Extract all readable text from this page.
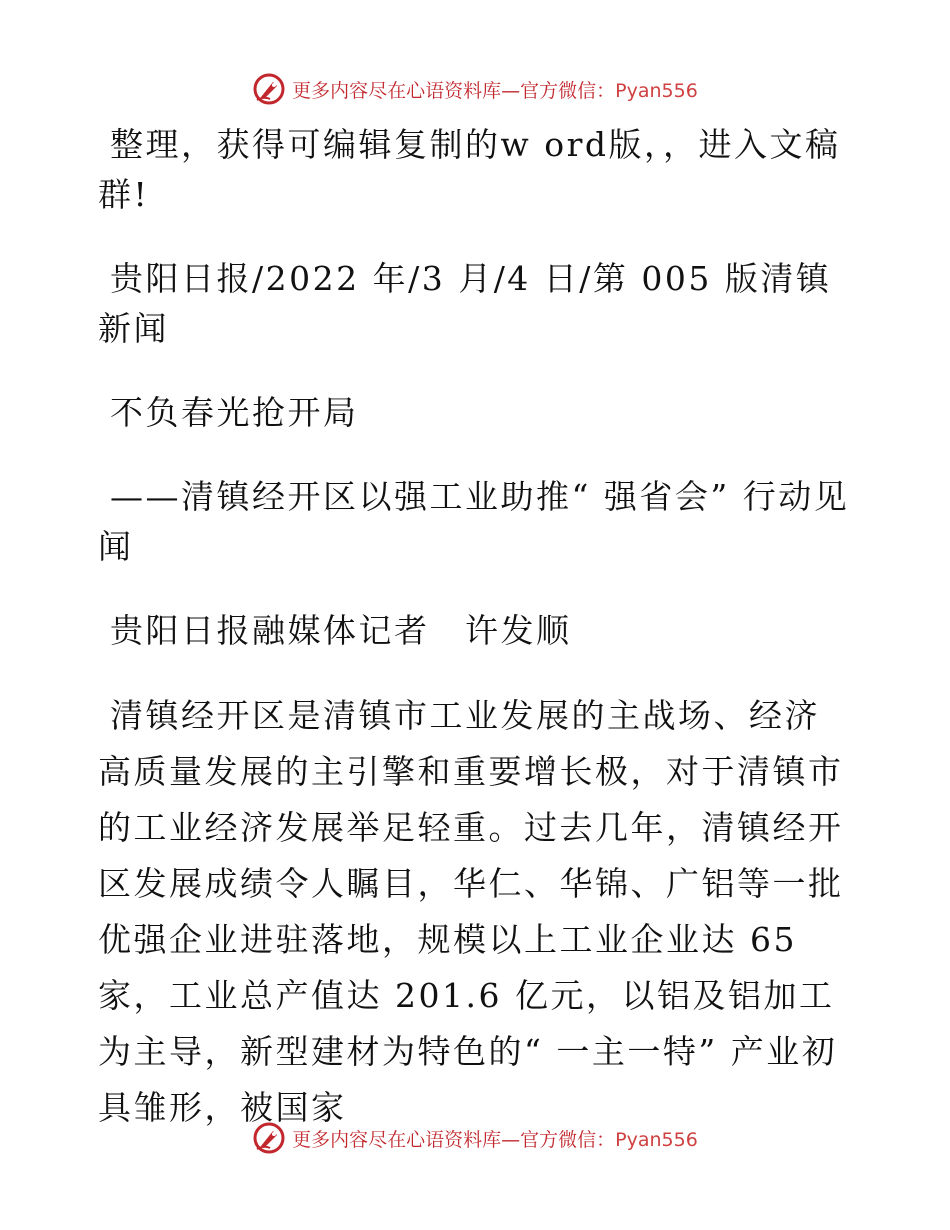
更多内容尽在心语资料库—官方微信：Pyan556

整理，获得可编辑复制的w ord版，，进入文稿群!

贵阳日报/2022 年/3 月/4 日/第 005 版清镇新闻

不负春光抢开局

——清镇经开区以强工业助推“ 强省会” 行动见闻

贵阳日报融媒体记者　许发顺

清镇经开区是清镇市工业发展的主战场、经济高质量发展的主引擎和重要增长极，对于清镇市的工业经济发展举足轻重。过去几年，清镇经开区发展成绩令人瞩目，华仁、华锦、广铝等一批优强企业进驻落地，规模以上工业企业达 65 家，工业总产值达 201.6 亿元，以铝及铝加工为主导，新型建材为特色的“ 一主一特” 产业初具雏形，被国家

更多内容尽在心语资料库—官方微信：Pyan556
